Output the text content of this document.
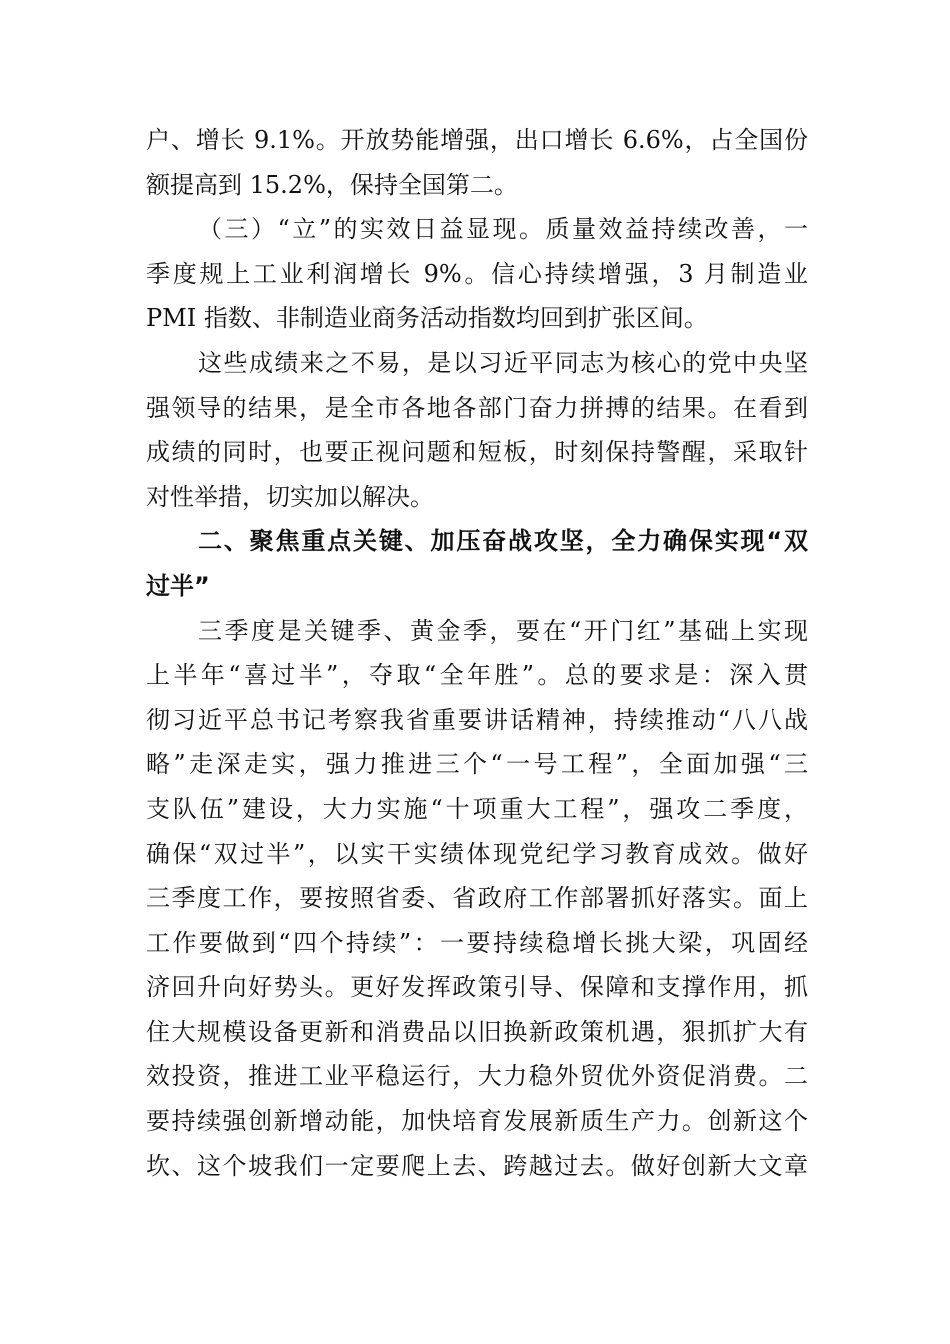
户、增长 9.1%。开放势能增强，出口增长 6.6%，占全国份
额提高到 15.2%，保持全国第二。
（三）“立”的实效日益显现。质量效益持续改善，一
季度规上工业利润增长 9%。信心持续增强，3 月制造业
PMI 指数、非制造业商务活动指数均回到扩张区间。
这些成绩来之不易，是以习近平同志为核心的党中央坚
强领导的结果，是全市各地各部门奋力拼搏的结果。在看到
成绩的同时，也要正视问题和短板，时刻保持警醒，采取针
对性举措，切实加以解决。
二、聚焦重点关键、加压奋战攻坚，全力确保实现“双
过半”
三季度是关键季、黄金季，要在“开门红”基础上实现
上半年“喜过半”，夺取“全年胜”。总的要求是：深入贯
彻习近平总书记考察我省重要讲话精神，持续推动“八八战
略”走深走实，强力推进三个“一号工程”，全面加强“三
支队伍”建设，大力实施“十项重大工程”，强攻二季度，
确保“双过半”，以实干实绩体现党纪学习教育成效。做好
三季度工作，要按照省委、省政府工作部署抓好落实。面上
工作要做到“四个持续”：一要持续稳增长挑大梁，巩固经
济回升向好势头。更好发挥政策引导、保障和支撑作用，抓
住大规模设备更新和消费品以旧换新政策机遇，狠抓扩大有
效投资，推进工业平稳运行，大力稳外贸优外资促消费。二
要持续强创新增动能，加快培育发展新质生产力。创新这个
坎、这个坡我们一定要爬上去、跨越过去。做好创新大文章
